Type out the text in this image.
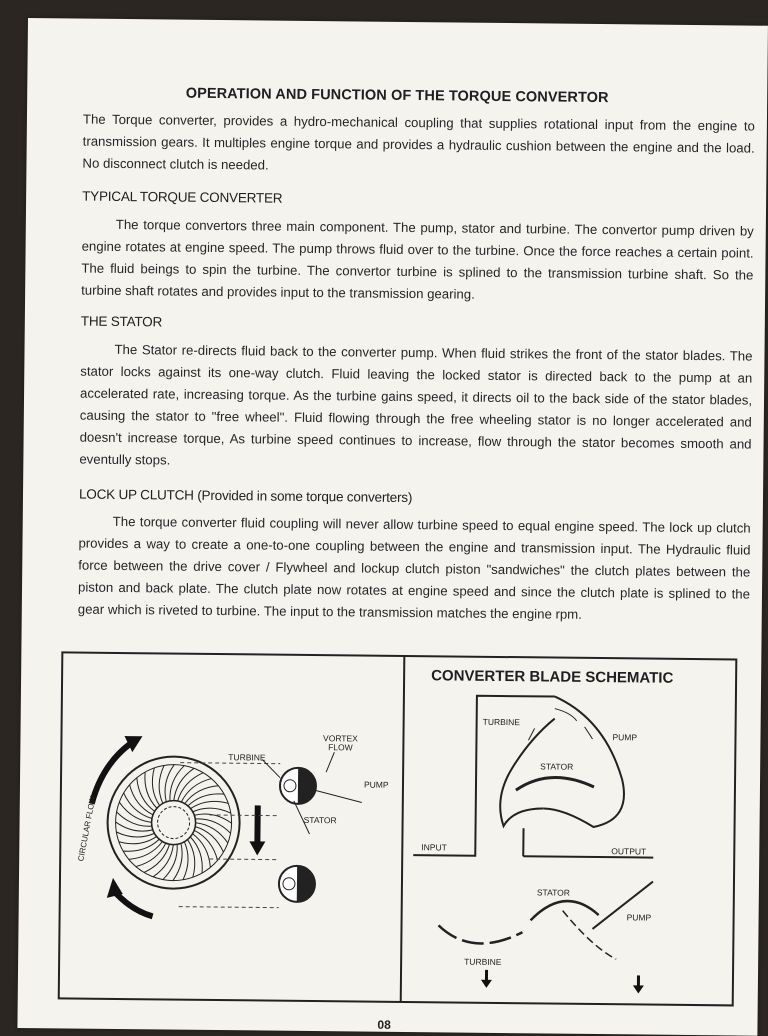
OPERATION AND FUNCTION OF THE TORQUE CONVERTOR

The Torque converter, provides a hydro-mechanical coupling that supplies rotational input from the engine to transmission gears. It multiples engine torque and provides a hydraulic cushion between the engine and the load. No disconnect clutch is needed.

TYPICAL TORQUE CONVERTER

The torque convertors three main component. The pump, stator and turbine. The convertor pump driven by engine rotates at engine speed. The pump throws fluid over to the turbine. Once the force reaches a certain point. The fluid beings to spin the turbine. The convertor turbine is splined to the transmission turbine shaft. So the turbine shaft rotates and provides input to the transmission gearing.

THE STATOR

The Stator re-directs fluid back to the converter pump. When fluid strikes the front of the stator blades. The stator locks against its one-way clutch. Fluid leaving the locked stator is directed back to the pump at an accelerated rate, increasing torque. As the turbine gains speed, it directs oil to the back side of the stator blades, causing the stator to "free wheel". Fluid flowing through the free wheeling stator is no longer accelerated and doesn't increase torque, As turbine speed continues to increase, flow through the stator becomes smooth and eventully stops.

LOCK UP CLUTCH (Provided in some torque converters)

The torque converter fluid coupling will never allow turbine speed to equal engine speed. The lock up clutch provides a way to create a one-to-one coupling between the engine and transmission input. The Hydraulic fluid force between the drive cover / Flywheel and lockup clutch piston "sandwiches" the clutch plates between the piston and back plate. The clutch plate now rotates at engine speed and since the clutch plate is splined to the gear which is riveted to turbine. The input to the transmission matches the engine rpm.

CIRCULAR FLOW
VORTEX FLOW
TURBINE
PUMP
STATOR
CONVERTER BLADE SCHEMATIC
TURBINE
PUMP
STATOR
INPUT	OUTPUT
STATOR
PUMP
TURBINE
08
